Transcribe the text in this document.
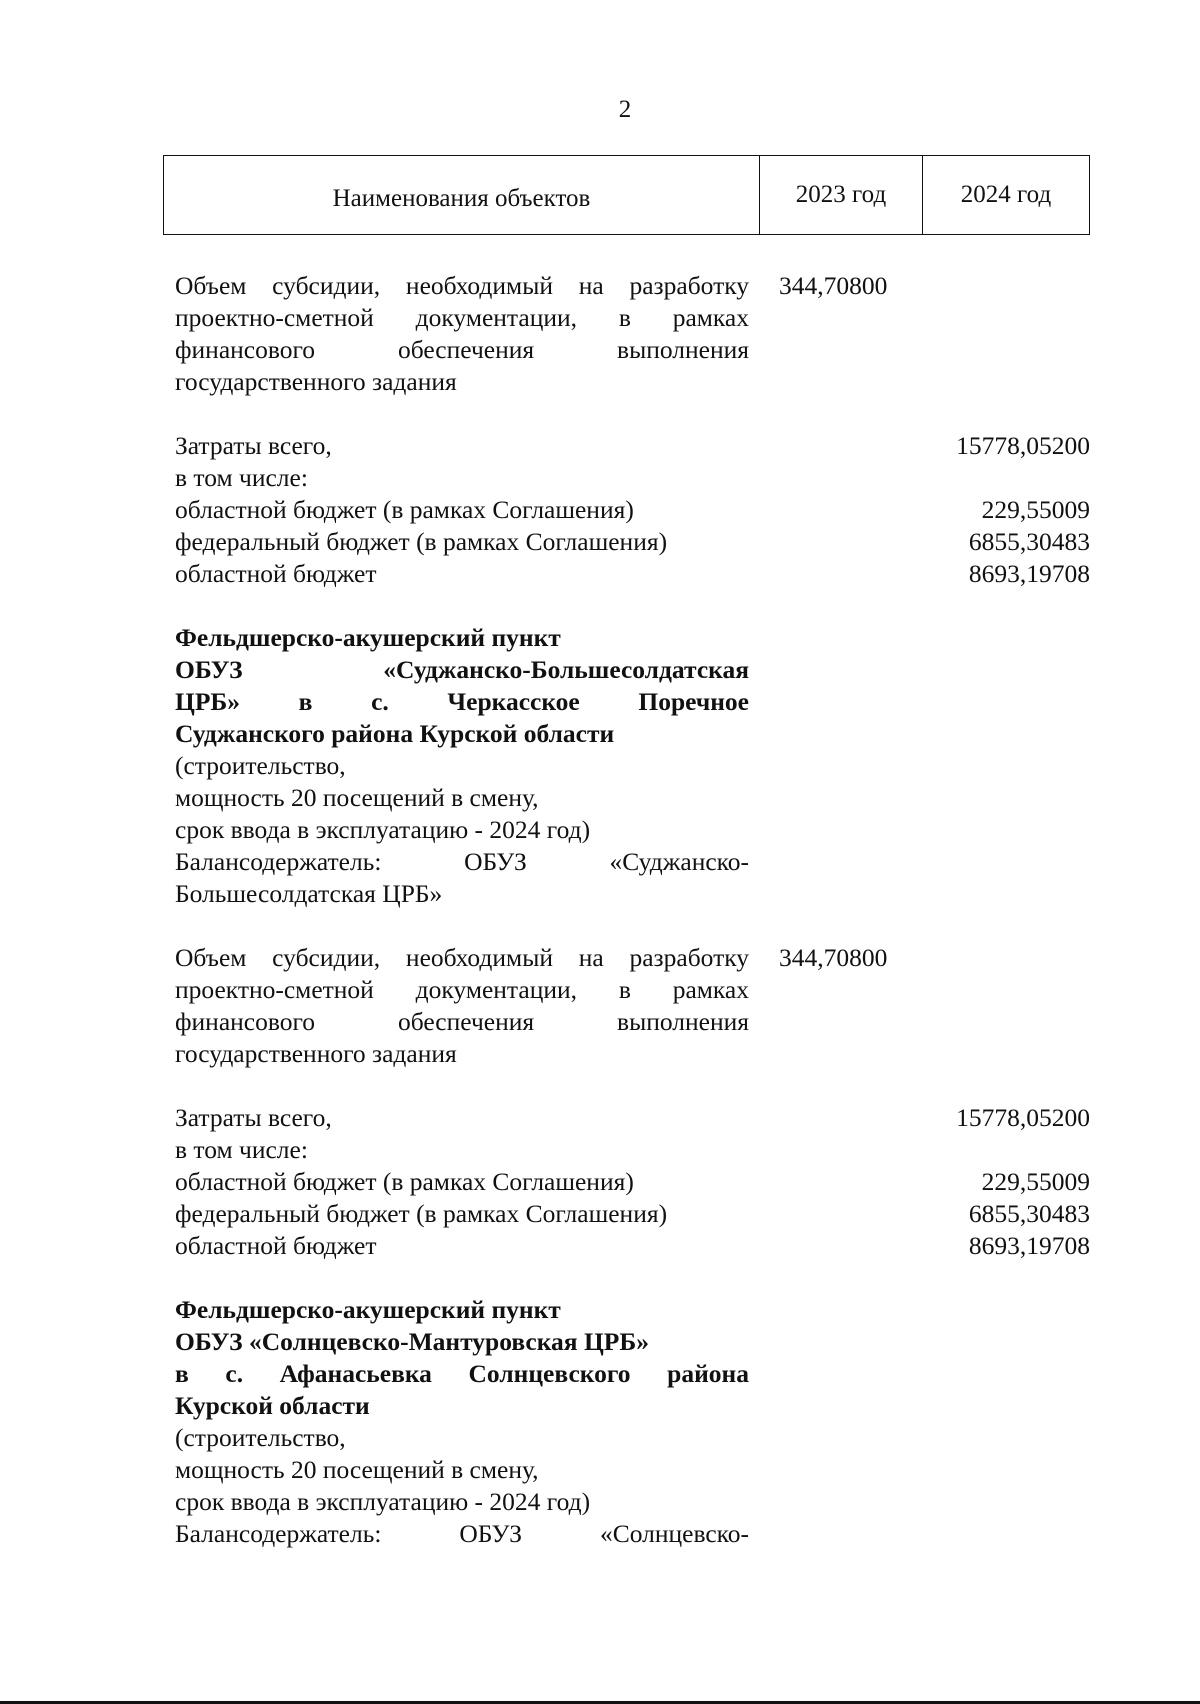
2
Наименования объектов	2023 год	2024 год
Объем субсидии, необходимый на разработку
проектно-сметной документации, в рамках
финансового обеспечения выполнения
государственного задания
344,70800
Затраты всего,
в том числе:
областной бюджет (в рамках Соглашения)
федеральный бюджет (в рамках Соглашения)
областной бюджет
15778,05200
229,55009
6855,30483
8693,19708
Фельдшерско-акушерский пункт
ОБУЗ «Суджанско-Большесолдатская
ЦРБ» в с. Черкасское Поречное
Суджанского района Курской области
(строительство,
мощность 20 посещений в смену,
срок ввода в эксплуатацию - 2024 год)
Балансодержатель: ОБУЗ «Суджанско-
Большесолдатская ЦРБ»
Объем субсидии, необходимый на разработку
проектно-сметной документации, в рамках
финансового обеспечения выполнения
государственного задания
344,70800
Затраты всего,
в том числе:
областной бюджет (в рамках Соглашения)
федеральный бюджет (в рамках Соглашения)
областной бюджет
15778,05200
229,55009
6855,30483
8693,19708
Фельдшерско-акушерский пункт
ОБУЗ «Солнцевско-Мантуровская ЦРБ»
в с. Афанасьевка Солнцевского района
Курской области
(строительство,
мощность 20 посещений в смену,
срок ввода в эксплуатацию - 2024 год)
Балансодержатель: ОБУЗ «Солнцевско-
